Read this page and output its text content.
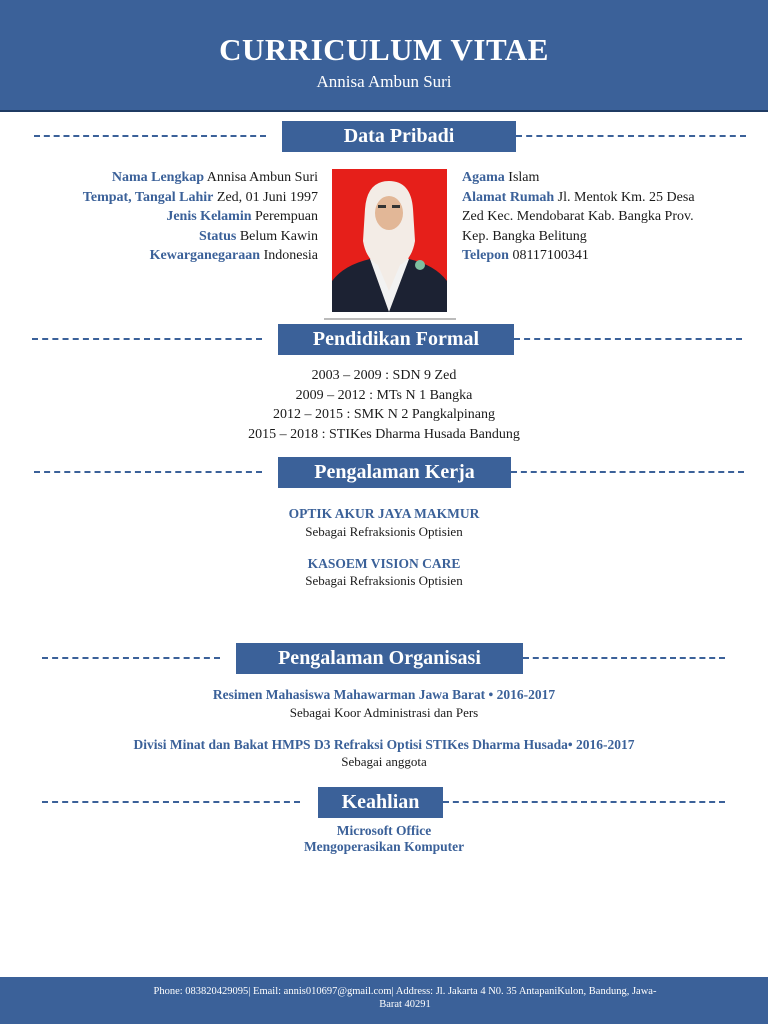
CURRICULUM VITAE
Annisa Ambun Suri
Data Pribadi
Nama Lengkap Annisa Ambun Suri
Tempat, Tangal Lahir Zed, 01 Juni 1997
Jenis Kelamin Perempuan
Status Belum Kawin
Kewarganegaraan Indonesia
Agama Islam
Alamat Rumah Jl. Mentok Km. 25 Desa
Zed Kec. Mendobarat Kab. Bangka Prov.
Kep. Bangka Belitung
Telepon 08117100341
Pendidikan Formal
2003 – 2009 : SDN 9 Zed
2009 – 2012 : MTs N 1 Bangka
2012 – 2015 : SMK N 2 Pangkalpinang
2015 – 2018 : STIKes Dharma Husada Bandung
Pengalaman Kerja
OPTIK AKUR JAYA MAKMUR
Sebagai Refraksionis Optisien
KASOEM VISION CARE
Sebagai Refraksionis Optisien
Pengalaman Organisasi
Resimen Mahasiswa Mahawarman Jawa Barat • 2016-2017
Sebagai Koor Administrasi dan Pers
Divisi Minat dan Bakat HMPS D3 Refraksi Optisi STIKes Dharma Husada• 2016-2017
Sebagai anggota
Keahlian
Microsoft Office
Mengoperasikan Komputer
Phone: 083820429095| Email: annis010697@gmail.com| Address: Jl. Jakarta 4 N0. 35 AntapaniKulon, Bandung, Jawa-
Barat 40291
